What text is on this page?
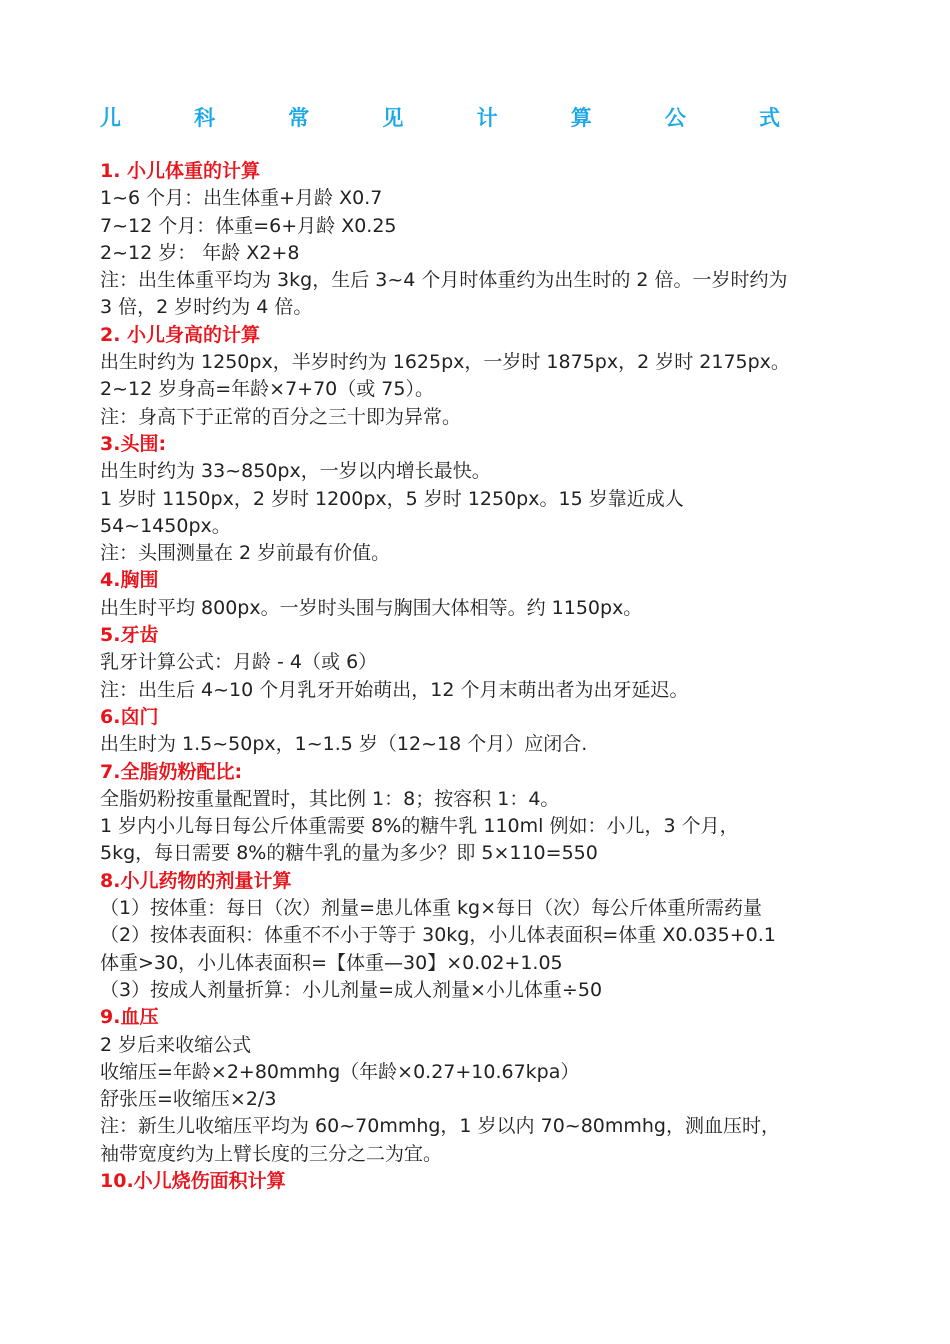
儿	科	常	见	计	算	公	式
1. 小儿体重的计算
1~6 个月：出生体重+月龄 X0.7
7~12 个月：体重=6+月龄 X0.25
2~12 岁： 年龄 X2+8
注：出生体重平均为 3kg，生后 3~4 个月时体重约为出生时的 2 倍。一岁时约为
3 倍，2 岁时约为 4 倍。
2. 小儿身高的计算
出生时约为 1250px，半岁时约为 1625px，一岁时 1875px，2 岁时 2175px。
2~12 岁身高=年龄×7+70（或 75）。
注：身高下于正常的百分之三十即为异常。
3.头围:
出生时约为 33~850px，一岁以内增长最快。
1 岁时 1150px，2 岁时 1200px，5 岁时 1250px。15 岁靠近成人
54~1450px。
注：头围测量在 2 岁前最有价值。
4.胸围
出生时平均 800px。一岁时头围与胸围大体相等。约 1150px。
5.牙齿
乳牙计算公式：月龄 - 4（或 6）
注：出生后 4~10 个月乳牙开始萌出，12 个月末萌出者为出牙延迟。
6.囟门
出生时为 1.5~50px，1~1.5 岁（12~18 个月）应闭合.
7.全脂奶粉配比:
全脂奶粉按重量配置时，其比例 1：8；按容积 1：4。
1 岁内小儿每日每公斤体重需要 8%的糖牛乳 110ml 例如：小儿，3 个月，
5kg，每日需要 8%的糖牛乳的量为多少？即 5×110=550
8.小儿药物的剂量计算
（1）按体重：每日（次）剂量=患儿体重 kg×每日（次）每公斤体重所需药量
（2）按体表面积：体重不不小于等于 30kg，小儿体表面积=体重 X0.035+0.1
体重>30，小儿体表面积=【体重—30】×0.02+1.05
（3）按成人剂量折算：小儿剂量=成人剂量×小儿体重÷50
9.血压
2 岁后来收缩公式
收缩压=年龄×2+80mmhg（年龄×0.27+10.67kpa）
舒张压=收缩压×2/3
注：新生儿收缩压平均为 60~70mmhg，1 岁以内 70~80mmhg，测血压时，
袖带宽度约为上臂长度的三分之二为宜。
10.小儿烧伤面积计算
